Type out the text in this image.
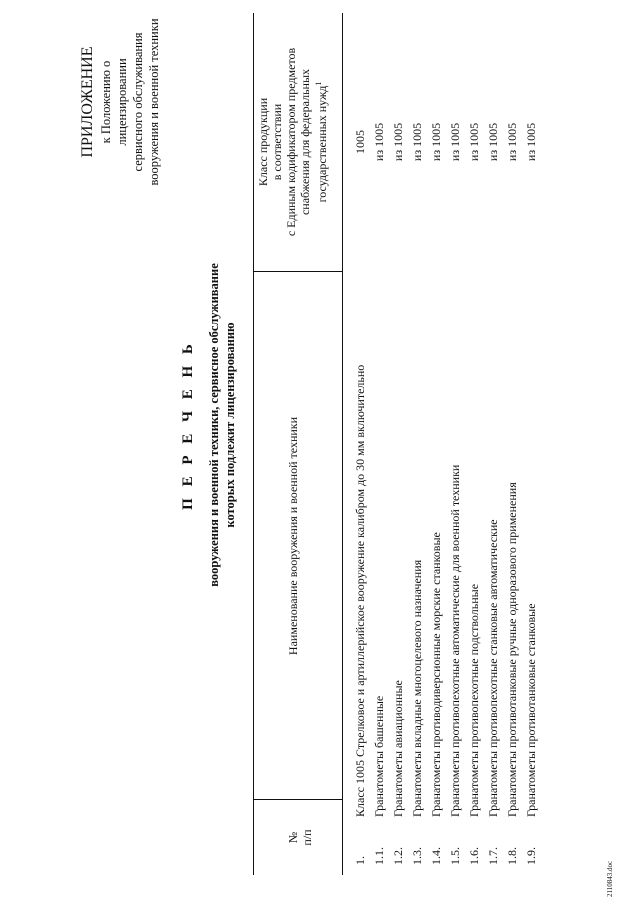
2110843.doc
ПРИЛОЖЕНИЕ к Положению о лицензировании сервисного обслуживания вооружения и военной техники
П Е Р Е Ч Е Н Ь вооружения и военной техники, сервисное обслуживание которых подлежит лицензированию
№ п/п
Наименование вооружения и военной техники
Класс продукции в соответствии с Единым кодификатором предметов снабжения для федеральных государственных нужд$^1$
1.
Класс 1005 Стрелковое и артиллерийское вооружение калибром до 30 мм включительно
1005
1.1.
Гранатометы башенные
из 1005
1.2.
Гранатометы авиационные
из 1005
1.3.
Гранатометы вкладные многоцелевого назначения
из 1005
1.4.
Гранатометы противодиверсионные морские станковые
из 1005
1.5.
Гранатометы противопехотные автоматические для военной техники
из 1005
1.6.
Гранатометы противопехотные подствольные
из 1005
1.7.
Гранатометы противопехотные станковые автоматические
из 1005
1.8.
Гранатометы противотанковые ручные одноразового применения
из 1005
1.9.
Гранатометы противотанковые станковые
из 1005
